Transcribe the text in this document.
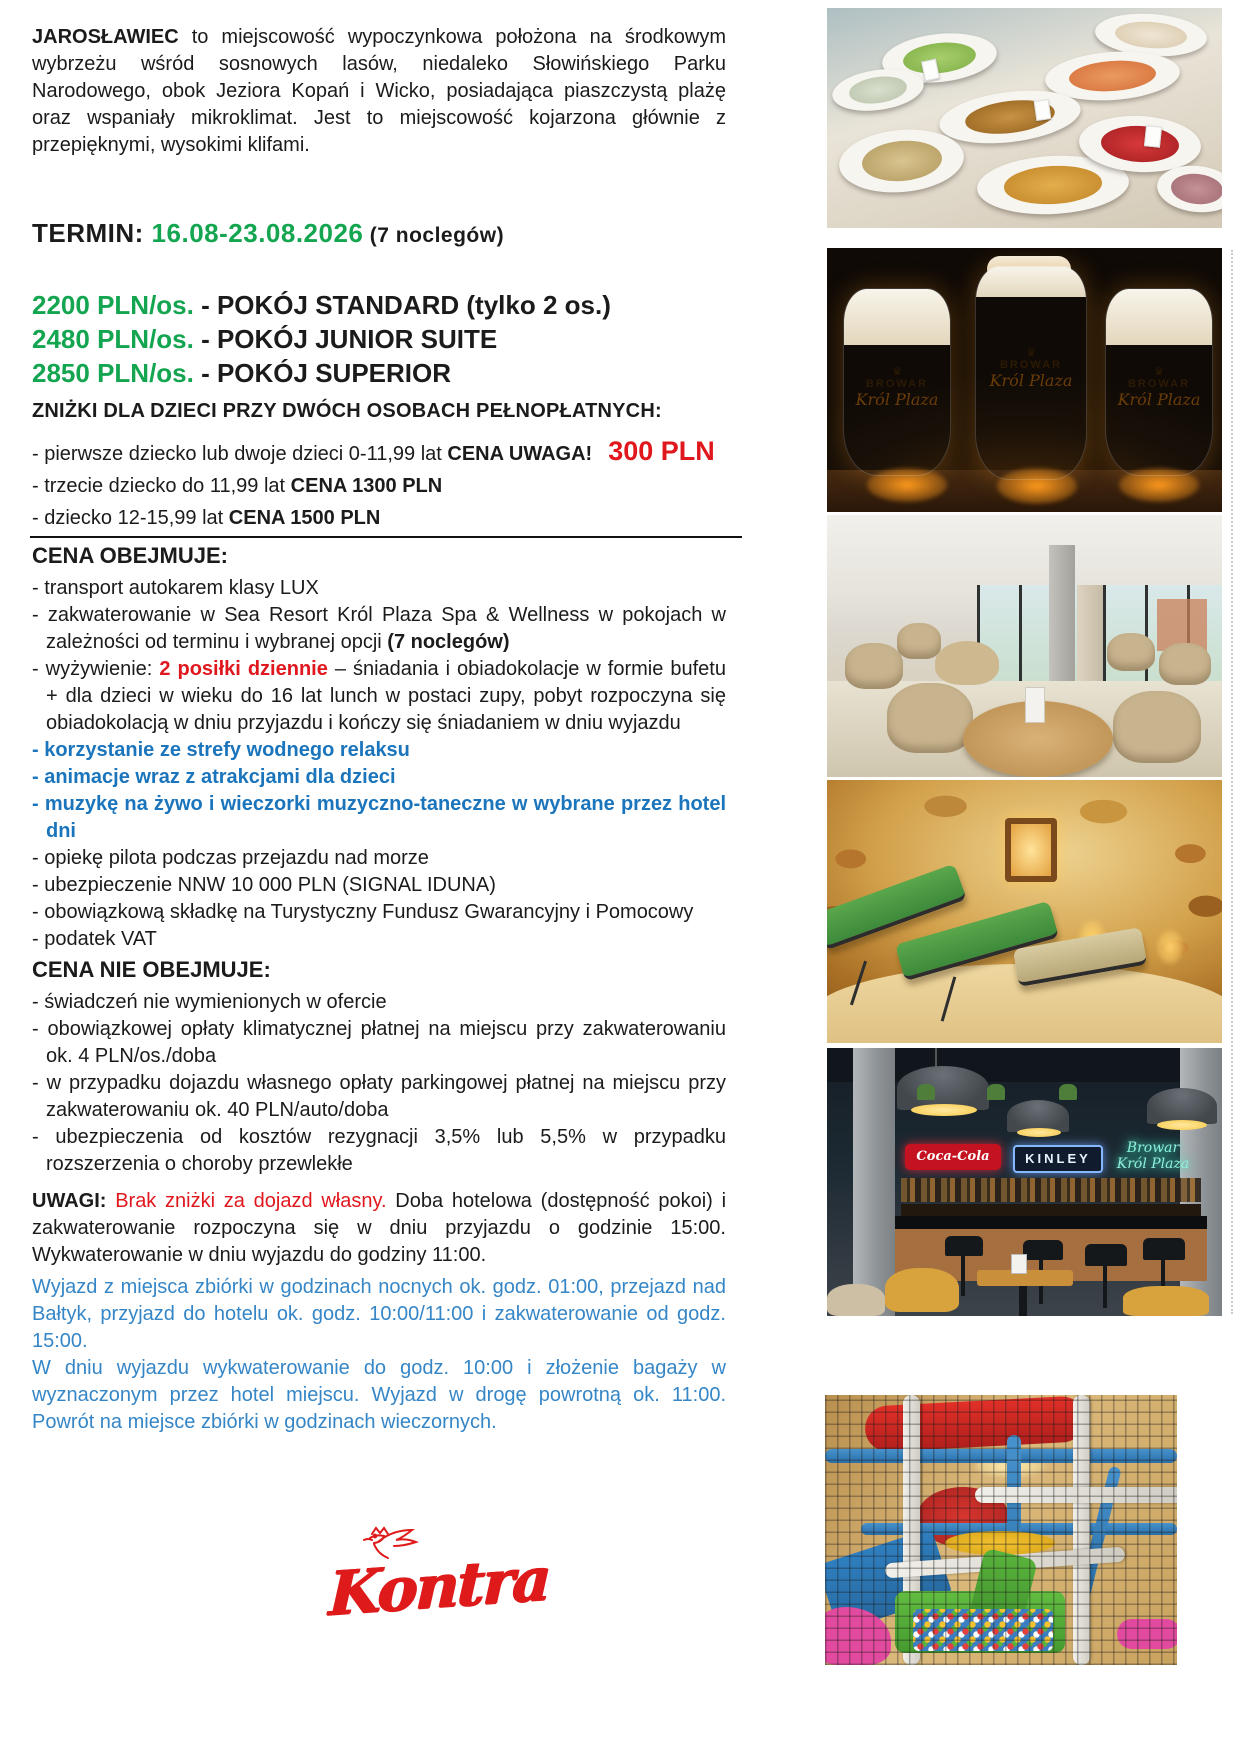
JAROSŁAWIEC to miejscowość wypoczynkowa położona na środkowym wybrzeżu wśród sosnowych lasów, niedaleko Słowińskiego Parku Narodowego, obok Jeziora Kopań i Wicko, posiadająca piaszczystą plażę oraz wspaniały mikroklimat. Jest to miejscowość kojarzona głównie z przepięknymi, wysokimi klifami.
TERMIN: 16.08-23.08.2026 (7 noclegów)
2200 PLN/os. - POKÓJ STANDARD (tylko 2 os.)
2480 PLN/os. - POKÓJ JUNIOR SUITE
2850 PLN/os. - POKÓJ SUPERIOR
ZNIŻKI DLA DZIECI PRZY DWÓCH OSOBACH PEŁNOPŁATNYCH:
- pierwsze dziecko lub dwoje dzieci 0-11,99 lat CENA UWAGA! 300 PLN
- trzecie dziecko do 11,99 lat CENA 1300 PLN
- dziecko 12-15,99 lat CENA 1500 PLN
CENA OBEJMUJE:
- transport autokarem klasy LUX
- zakwaterowanie w Sea Resort Król Plaza Spa & Wellness w pokojach w zależności od terminu i wybranej opcji (7 noclegów)
- wyżywienie: 2 posiłki dziennie – śniadania i obiadokolacje w formie bufetu + dla dzieci w wieku do 16 lat lunch w postaci zupy, pobyt rozpoczyna się obiadokolacją w dniu przyjazdu i kończy się śniadaniem w dniu wyjazdu
- korzystanie ze strefy wodnego relaksu
- animacje wraz z atrakcjami dla dzieci
- muzykę na żywo i wieczorki muzyczno-taneczne w wybrane przez hotel dni
- opiekę pilota podczas przejazdu nad morze
- ubezpieczenie NNW 10 000 PLN (SIGNAL IDUNA)
- obowiązkową składkę na Turystyczny Fundusz Gwarancyjny i Pomocowy
- podatek VAT
CENA NIE OBEJMUJE:
- świadczeń nie wymienionych w ofercie
- obowiązkowej opłaty klimatycznej płatnej na miejscu przy zakwaterowaniu ok. 4 PLN/os./doba
- w przypadku dojazdu własnego opłaty parkingowej płatnej na miejscu przy zakwaterowaniu ok. 40 PLN/auto/doba
- ubezpieczenia od kosztów rezygnacji 3,5% lub 5,5% w przypadku rozszerzenia o choroby przewlekłe
UWAGI: Brak zniżki za dojazd własny. Doba hotelowa (dostępność pokoi) i zakwaterowanie rozpoczyna się w dniu przyjazdu o godzinie 15:00. Wykwaterowanie w dniu wyjazdu do godziny 11:00.
Wyjazd z miejsca zbiórki w godzinach nocnych ok. godz. 01:00, przejazd nad Bałtyk, przyjazd do hotelu ok. godz. 10:00/11:00 i zakwaterowanie od godz. 15:00.
W dniu wyjazdu wykwaterowanie do godz. 10:00 i złożenie bagaży w wyznaczonym przez hotel miejscu. Wyjazd w drogę powrotną ok. 11:00. Powrót na miejsce zbiórki w godzinach wieczornych.
Kontra
♛
BROWAR
Król Plaza
♛
BROWAR
Król Plaza	♛
BROWAR
Król Plaza
Coca-Cola	KINLEY
Browar
Król Plaza
